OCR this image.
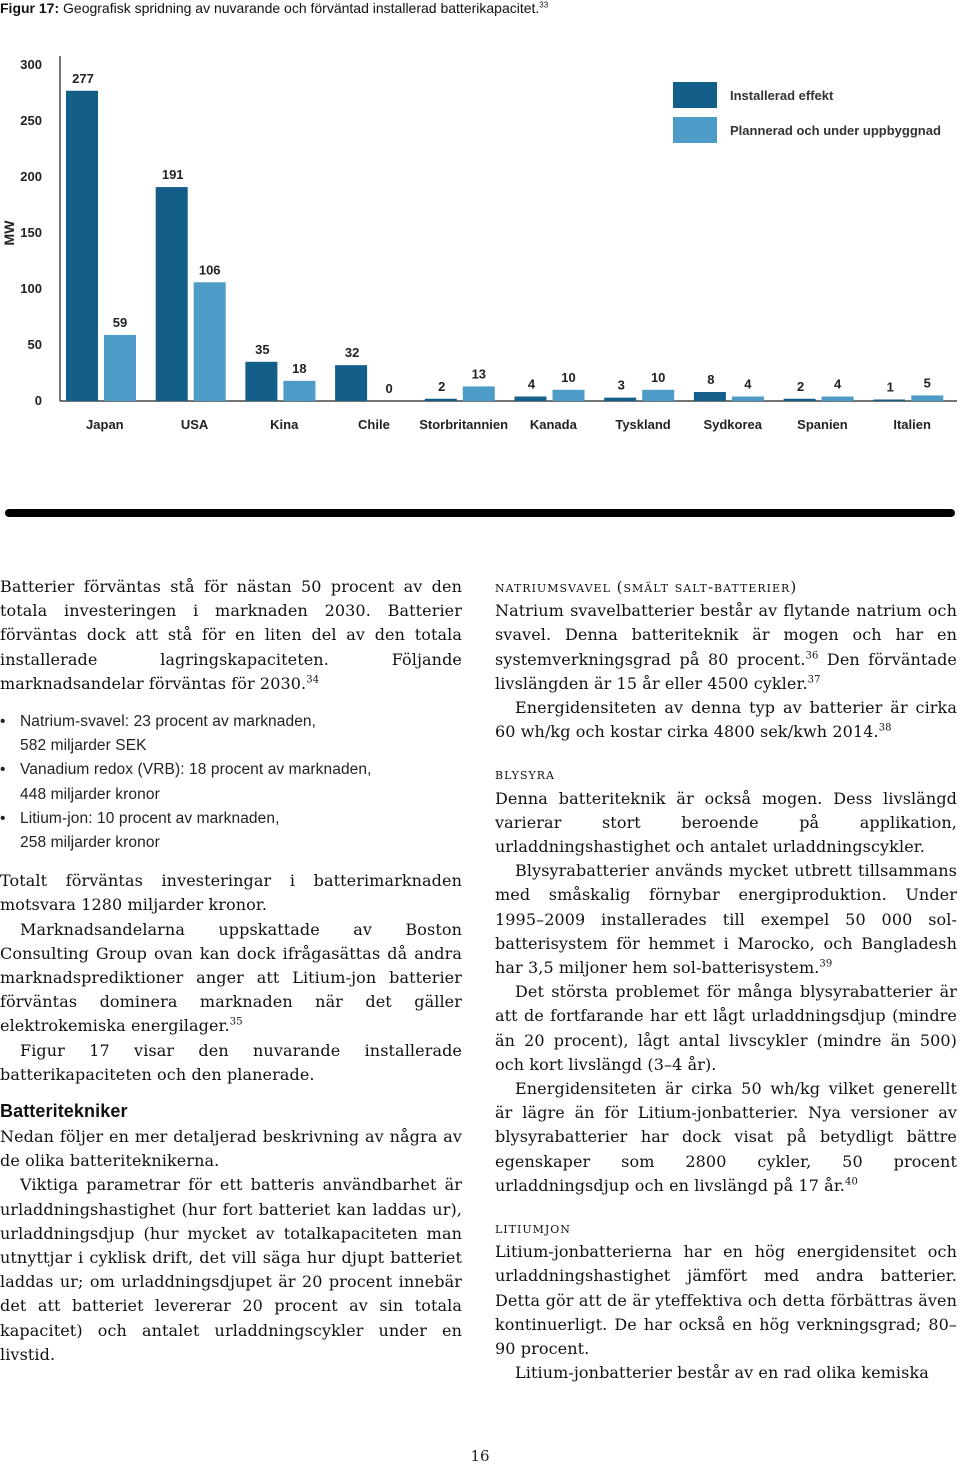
Figur 17: Geografisk spridning av nuvarande och förväntad installerad batterikapacitet.$^{33}$
0
50
100
150
200
250
300
MW
277
59
Japan
191
106
USA
35
18
Kina
32
0
Chile
2
13
Storbritannien
4 10
Kanada
3
10
Tyskland
8 4
Sydkorea
2 4
Spanien
1 5
Italien
Installerad effekt
Plannerad och under uppbyggnad

Batterier förväntas stå för nästan 50 procent av den totala investeringen i marknaden 2030. Batterier förväntas dock att stå för en liten del av den totala installerade lagringskapaciteten. Följande marknadsandelar förväntas för 2030.34

• Natrium-svavel: 23 procent av marknaden,
582 miljarder SEK
• Vanadium redox (VRB): 18 procent av marknaden,
448 miljarder kronor
• Litium-jon: 10 procent av marknaden,
258 miljarder kronor

Totalt förväntas investeringar i batterimarknaden motsvara 1280 miljarder kronor.

Marknadsandelarna uppskattade av Boston Consulting Group ovan kan dock ifrågasättas då andra marknadsprediktioner anger att Litium-jon batterier förväntas dominera marknaden när det gäller elektrokemiska energilager.$^{35}$

Figur 17 visar den nuvarande installerade batterikapaciteten och den planerade.

Batteritekniker

Nedan följer en mer detaljerad beskrivning av några av de olika batteriteknikerna.

Viktiga parametrar för ett batteris användbarhet är urladdningshastighet (hur fort batteriet kan laddas ur), urladdningsdjup (hur mycket av totalkapaciteten man utnyttjar i cyklisk drift, det vill säga hur djupt batteriet laddas ur; om urladdningsdjupet är 20 procent innebär det att batteriet levererar 20 procent av sin totala kapacitet) och antalet urladdningscykler under en livstid.

natriumsvavel (smält salt-batterier)

Natrium svavelbatterier består av flytande natrium och svavel. Denna batteriteknik är mogen och har en systemverkningsgrad på 80 procent.$^{36}$ Den förväntade livslängden är 15 år eller 4500 cykler.$^{37}$

Energidensiteten av denna typ av batterier är cirka 60 wh/kg och kostar cirka 4800 sek/kwh 2014.38

blysyra

Denna batteriteknik är också mogen. Dess livslängd varierar stort beroende på applikation, urladdningshastighet och antalet urladdningscykler.

Blysyrabatterier används mycket utbrett tillsammans med småskalig förnybar energiproduktion. Under 1995–2009 installerades till exempel 50 000 sol-batterisystem för hemmet i Marocko, och Bangladesh har 3,5 miljoner hem sol-batterisystem.$^{39}$

Det största problemet för många blysyrabatterier är att de fortfarande har ett lågt urladdningsdjup (mindre än 20 procent), lågt antal livscykler (mindre än 500) och kort livslängd (3–4 år).

Energidensiteten är cirka 50 wh/kg vilket generellt är lägre än för Litium-jonbatterier. Nya versioner av blysyrabatterier har dock visat på betydligt bättre egenskaper som 2800 cykler, 50 procent urladdningsdjup och en livslängd på 17 år.$^{40}$

litiumjon

Litium-jonbatterierna har en hög energidensitet och urladdningshastighet jämfört med andra batterier. Detta gör att de är yteffektiva och detta förbättras även kontinuerligt. De har också en hög verkningsgrad; 80–90 procent.

Litium-jonbatterier består av en rad olika kemiska

16
